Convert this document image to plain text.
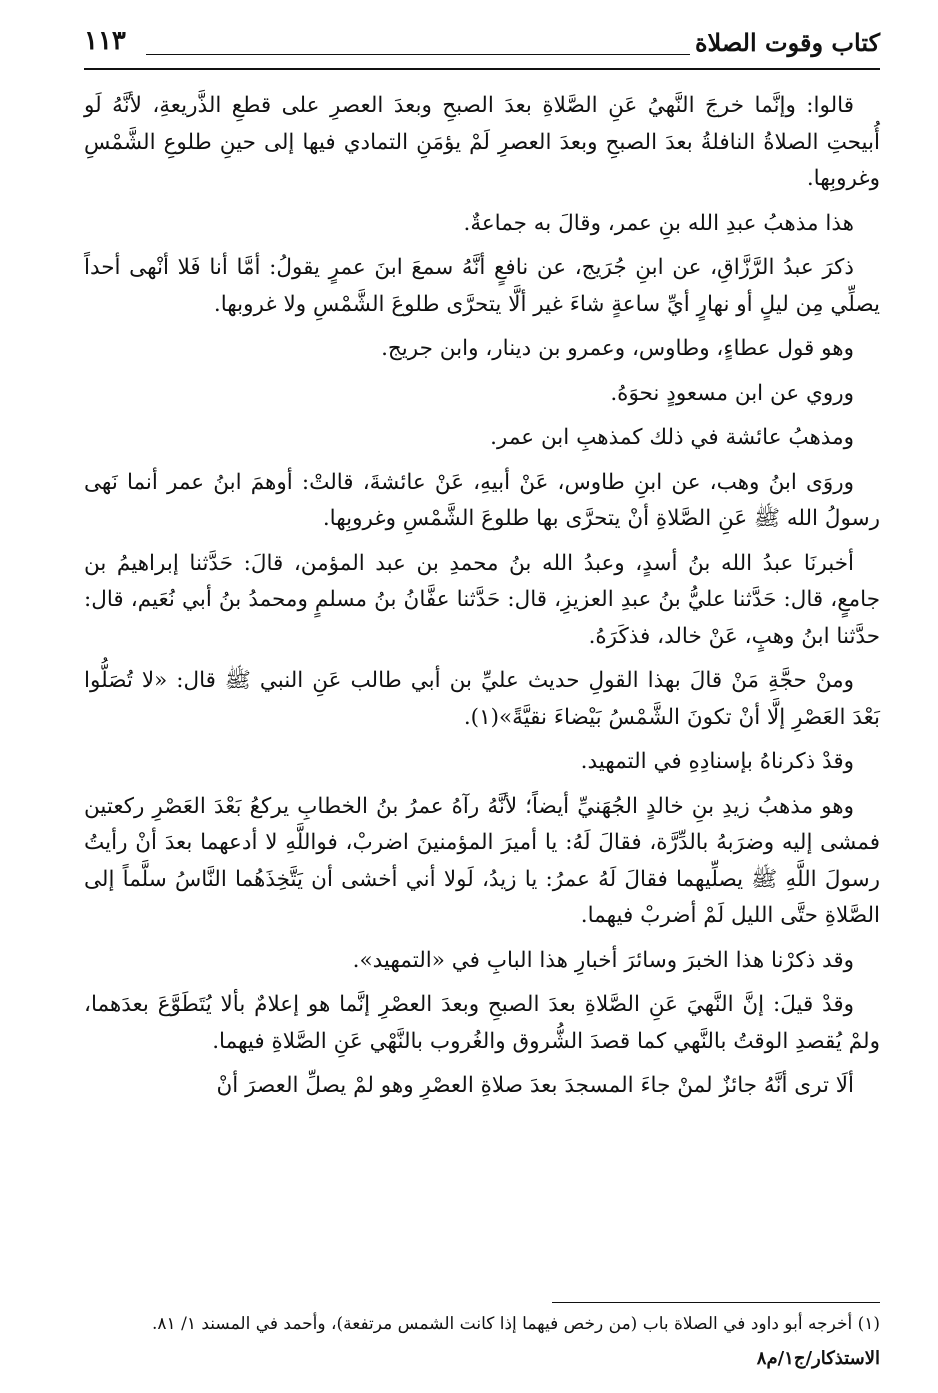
كتاب وقوت الصلاة
١١٣

قالوا: وإنَّما خرجَ النَّهيُ عَنِ الصَّلاةِ بعدَ الصبحِ وبعدَ العصرِ على قطعِ الذَّريعةِ، لأنَّهُ لَو أُبيحتِ الصلاةُ النافلةُ بعدَ الصبحِ وبعدَ العصرِ لَمْ يؤمَنِ التمادي فيها إلى حينِ طلوعِ الشَّمْسِ وغروبِها.

هذا مذهبُ عبدِ الله بنِ عمر، وقالَ به جماعةٌ.

ذكرَ عبدُ الرَّزَّاقِ، عن ابنِ جُرَيج، عن نافعٍ أنَّهُ سمعَ ابنَ عمرٍ يقولُ: أمَّا أنا فَلا أنْهى أحداً يصلِّي مِن ليلٍ أو نهارٍ أيِّ ساعةٍ شاءَ غير ألَّا يتحرَّى طلوعَ الشَّمْسِ ولا غروبها.

وهو قول عطاءٍ، وطاوس، وعمرو بن دينار، وابن جريج.

وروي عن ابن مسعودٍ نحوَهُ.

ومذهبُ عائشة في ذلك كمذهبِ ابن عمر.

وروَى ابنُ وهب، عن ابنِ طاوس، عَنْ أبيهِ، عَنْ عائشةَ، قالتْ: أوهمَ ابنُ عمر أنما نَهى رسولُ الله ﷺ عَنِ الصَّلاةِ أنْ يتحرَّى بها طلوعَ الشَّمْسِ وغروبِها.

أخبرنَا عبدُ الله بنُ أسدٍ، وعبدُ الله بنُ محمدِ بن عبد المؤمن، قالَ: حَدَّثنا إبراهيمُ بن جامعٍ، قال: حَدَّثنا عليُّ بنُ عبدِ العزيزِ، قال: حَدَّثنا عفَّانُ بنُ مسلمٍ ومحمدُ بنُ أبي نُعَيم، قال: حدَّثنا ابنُ وهبٍ، عَنْ خالد، فذكَرَهُ.

ومنْ حجَّةِ مَنْ قالَ بهذا القولِ حديث عليِّ بن أبي طالب عَنِ النبي ﷺ قال: «لا تُصَلُّوا بَعْدَ العَصْرِ إلَّا أنْ تكونَ الشَّمْسُ بَيْضاءَ نقيَّةً»(١).

وقدْ ذكرناهُ بإسنادِهِ في التمهيد.

وهو مذهبُ زيدِ بنِ خالدٍ الجُهَنيِّ أيضاً؛ لأنَّهُ رآهُ عمرُ بنُ الخطابِ يركعُ بَعْدَ العَصْرِ ركعتين فمشى إليه وضرَبهُ بالدِّرَّة، فقالَ لَهُ: يا أميرَ المؤمنينَ اضربْ، فواللَّهِ لا أدعهما بعدَ أنْ رأيتُ رسولَ اللَّهِ ﷺ يصلِّيهما فقالَ لَهُ عمرُ: يا زيدُ، لَولا أني أخشى أن يَتَّخِذَهُما النَّاسُ سلَّماً إلى الصَّلاةِ حتَّى الليل لَمْ أضربْ فيهما.

وقد ذكرْنا هذا الخبرَ وسائرَ أخبارِ هذا البابِ في «التمهيد».

وقدْ قيلَ: إنَّ النَّهيَ عَنِ الصَّلاةِ بعدَ الصبحِ وبعدَ العصْرِ إنَّما هو إعلامٌ بألا يُتَطَوَّعَ بعدَهما، ولمْ يُقصدِ الوقتُ بالنَّهي كما قصدَ الشُّروق والغُروب بالنَّهْي عَنِ الصَّلاةِ فيهما.

ألَا ترى أنَّهُ جائزٌ لمنْ جاءَ المسجدَ بعدَ صلاةِ العصْرِ وهو لمْ يصلِّ العصرَ أنْ

(١) أخرجه أبو داود في الصلاة باب (من رخص فيهما إذا كانت الشمس مرتفعة)، وأحمد في المسند ١/ ٨١.
الاستذكار/ج١/م٨
